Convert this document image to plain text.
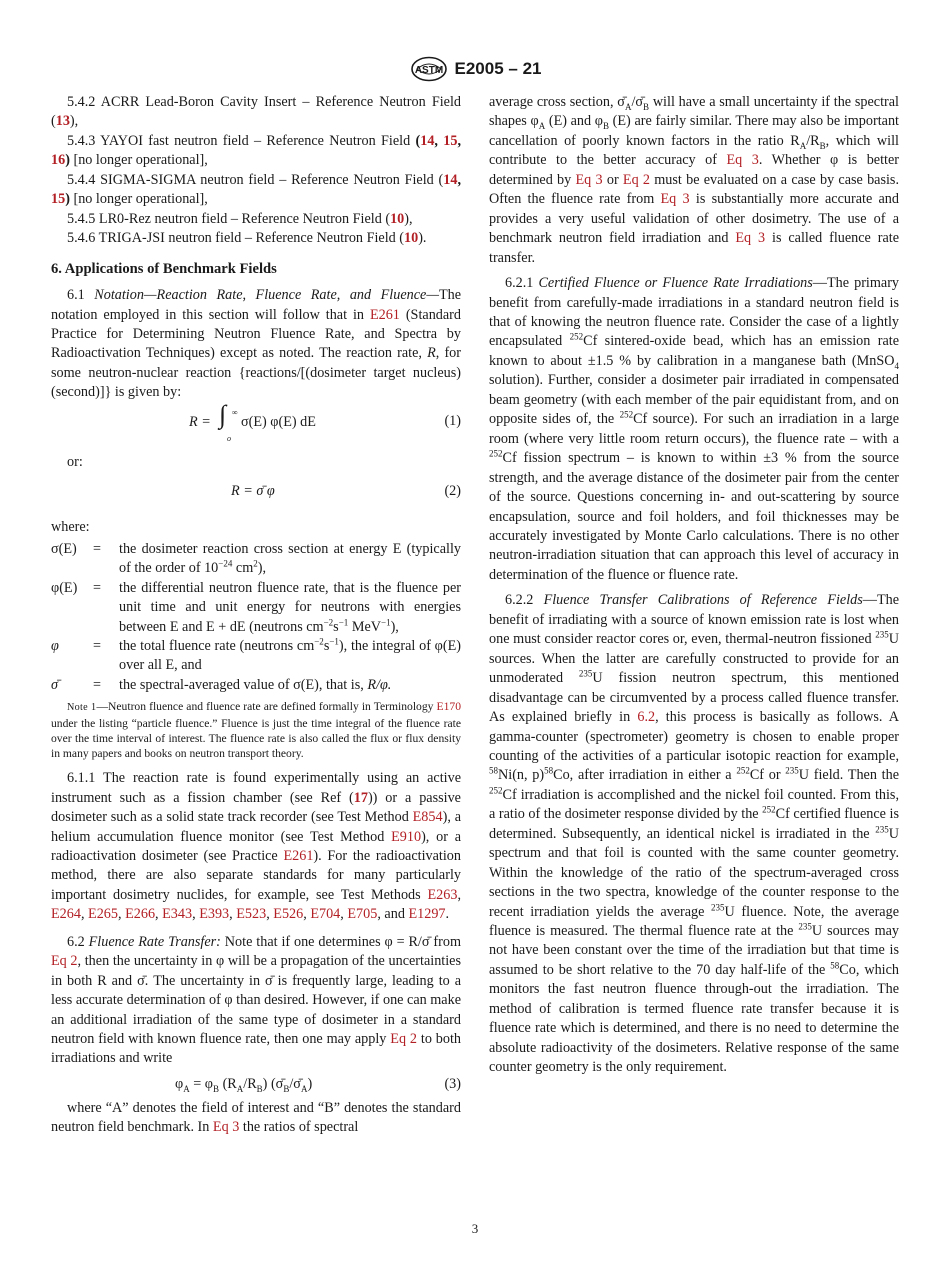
ASTM E2005 – 21

5.4.2 ACRR Lead-Boron Cavity Insert – Reference Neutron Field (13),

5.4.3 YAYOI fast neutron field – Reference Neutron Field (14, 15, 16) [no longer operational],

5.4.4 SIGMA-SIGMA neutron field – Reference Neutron Field (14, 15) [no longer operational],

5.4.5 LR0-Rez neutron field – Reference Neutron Field (10),

5.4.6 TRIGA-JSI neutron field – Reference Neutron Field (10).

6. Applications of Benchmark Fields

6.1 Notation—Reaction Rate, Fluence Rate, and Fluence—The notation employed in this section will follow that in E261 (Standard Practice for Determining Neutron Fluence Rate, and Spectra by Radioactivation Techniques) except as noted. The reaction rate, R, for some neutron-nuclear reaction {reactions/[(dosimeter target nucleus)(second)]} is given by:

R = ∫ ∞
o
σ(E) φ(E) dE	(1)

or:

R = σ̄ φ	(2)

where:

σ(E)	=	the dosimeter reaction cross section at energy E (typically of the order of $10^{-24}$ $cm^2$),
φ(E)	=	the differential neutron fluence rate, that is the fluence per unit time and unit energy for neutrons with energies between E and E + dE (neutrons $cm^{-2}s^{-1}$ MeV$^{-1}$),
φ	=	the total fluence rate (neutrons $cm^{-2}s^{-1}$), the integral of φ(E) over all E, and
σ̄	=	the spectral-averaged value of σ(E), that is, R/φ.

Note 1—Neutron fluence and fluence rate are defined formally in Terminology E170 under the listing “particle fluence.” Fluence is just the time integral of the fluence rate over the time interval of interest. The fluence rate is also called the flux or flux density in many papers and books on neutron transport theory.

6.1.1 The reaction rate is found experimentally using an active instrument such as a fission chamber (see Ref (17)) or a passive dosimeter such as a solid state track recorder (see Test Method E854), a helium accumulation fluence monitor (see Test Method E910), or a radioactivation dosimeter (see Practice E261). For the radioactivation method, there are also separate standards for many particularly important dosimetry nuclides, for example, see Test Methods E263, E264, E265, E266, E343, E393, E523, E526, E704, E705, and E1297.

6.2 Fluence Rate Transfer: Note that if one determines φ = R/σ̄ from Eq 2, then the uncertainty in φ will be a propagation of the uncertainties in both R and σ̄. The uncertainty in σ̄ is frequently large, leading to a less accurate determination of φ than desired. However, if one can make an additional irradiation of the same type of dosimeter in a standard neutron field with known fluence rate, then one may apply Eq 2 to both irradiations and write

$\varphi_A = \varphi_B$ $(R_A/R_B)$ $(\sigmā_B/\sigmā_A)$	(3)

where “A” denotes the field of interest and “B” denotes the standard neutron field benchmark. In Eq 3 the ratios of spectral

average cross section, $\sigmā_A/\sigmā_B$ will have a small uncertainty if the spectral shapes $\varphi_A$ (E) and $\varphi_B$ (E) are fairly similar. There may also be important cancellation of poorly known factors in the ratio $R_A/R_B$, which will contribute to the better accuracy of Eq 3. Whether φ is better determined by Eq 3 or Eq 2 must be evaluated on a case by case basis. Often the fluence rate from Eq 3 is substantially more accurate and provides a very useful validation of other dosimetry. The use of a benchmark neutron field irradiation and Eq 3 is called fluence rate transfer.

6.2.1 Certified Fluence or Fluence Rate Irradiations—The primary benefit from carefully-made irradiations in a standard neutron field is that of knowing the neutron fluence rate. Consider the case of a lightly encapsulated $^{252}$Cf sintered-oxide bead, which has an emission rate known to about ±1.5 % by calibration in a manganese bath (MnSO$_4$ solution). Further, consider a dosimeter pair irradiated in compensated beam geometry (with each member of the pair equidistant from, and on opposite sides of, the $^{252}$Cf source). For such an irradiation in a large room (where very little room return occurs), the fluence rate – with a $^{252}$Cf fission spectrum – is known to within ±3 % from the source strength, and the average distance of the dosimeter pair from the center of the source. Questions concerning in- and out-scattering by source encapsulation, source and foil holders, and foil thicknesses may be accurately investigated by Monte Carlo calculations. There is no other neutron-irradiation situation that can approach this level of accuracy in determination of the fluence or fluence rate.

6.2.2 Fluence Transfer Calibrations of Reference Fields—The benefit of irradiating with a source of known emission rate is lost when one must consider reactor cores or, even, thermal-neutron fissioned $^{235}$U sources. When the latter are carefully constructed to provide for an unmoderated $^{235}$U fission neutron spectrum, this mentioned disadvantage can be circumvented by a process called fluence transfer. As explained briefly in 6.2, this process is basically as follows. A gamma-counter (spectrometer) geometry is chosen to enable proper counting of the activities of a particular isotopic reaction for example, $^{58}$Ni(n, p)$^{58}$Co, after irradiation in either a $^{252}$Cf or $^{235}$U field. Then the $^{252}$Cf irradiation is accomplished and the nickel foil counted. From this, a ratio of the dosimeter response divided by the $^{252}$Cf certified fluence is determined. Subsequently, an identical nickel is irradiated in the $^{235}$U spectrum and that foil is counted with the same counter geometry. Within the knowledge of the ratio of the spectrum-averaged cross sections in the two spectra, knowledge of the counter response to the recent irradiation yields the average $^{235}$U fluence. Note, the average fluence is measured. The thermal fluence rate at the $^{235}$U sources may not have been constant over the time of the irradiation but that time is assumed to be short relative to the 70 day half-life of the $^{58}$Co, which monitors the fast neutron fluence through-out the irradiation. The method of calibration is termed fluence rate transfer because it is fluence rate which is determined, and there is no need to determine the absolute radioactivity of the dosimeters. Relative response of the same counter geometry is the only requirement.

3
